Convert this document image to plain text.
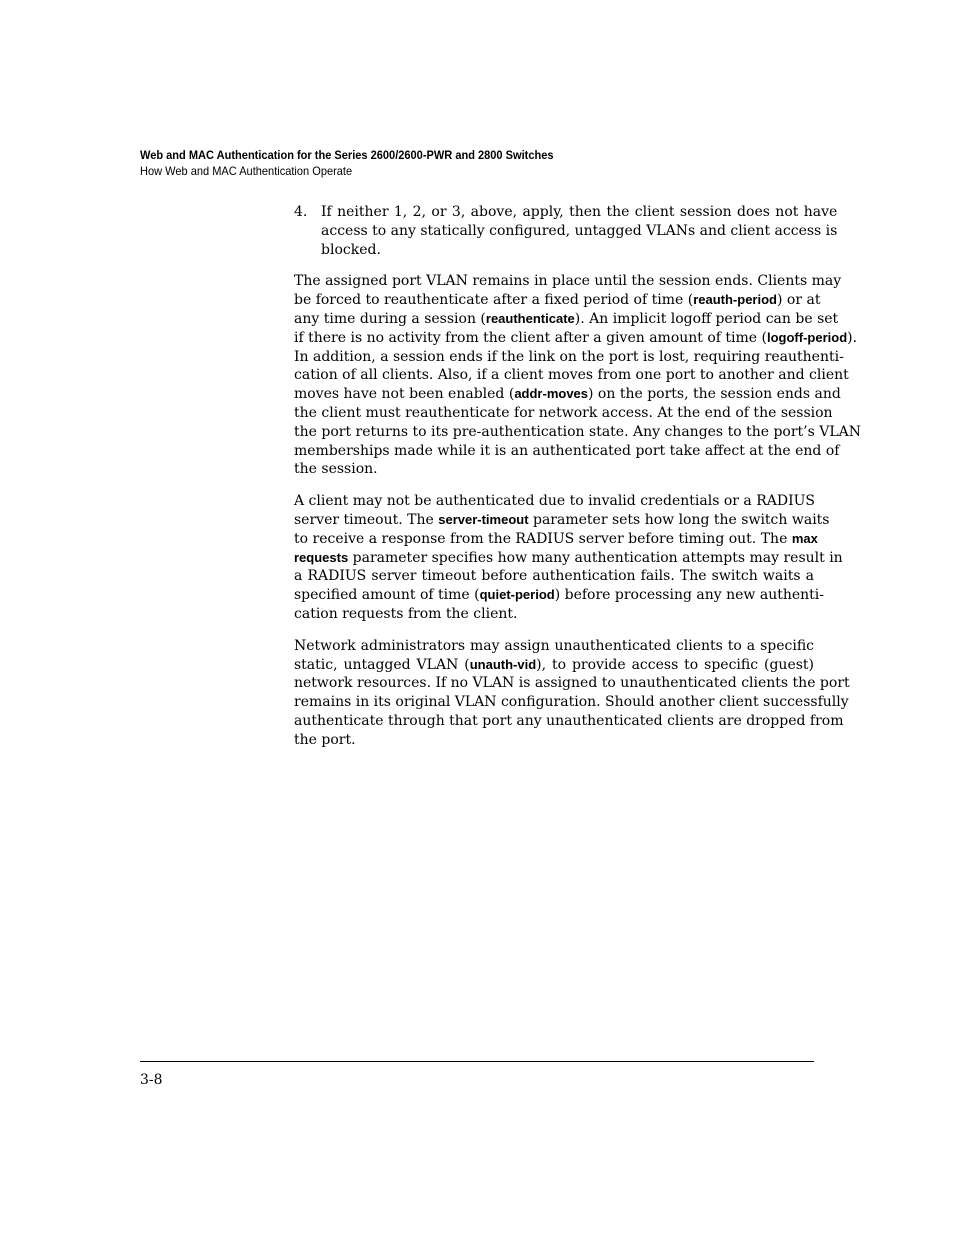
Web and MAC Authentication for the Series 2600/2600-PWR and 2800 Switches
How Web and MAC Authentication Operate
4. If neither 1, 2, or 3, above, apply, then the client session does not have
access to any statically configured, untagged VLANs and client access is
blocked.

The assigned port VLAN remains in place until the session ends. Clients may
be forced to reauthenticate after a fixed period of time (reauth-period) or at
any time during a session (reauthenticate). An implicit logoff period can be set
if there is no activity from the client after a given amount of time (logoff-period).
In addition, a session ends if the link on the port is lost, requiring reauthenti-
cation of all clients. Also, if a client moves from one port to another and client
moves have not been enabled (addr-moves) on the ports, the session ends and
the client must reauthenticate for network access. At the end of the session
the port returns to its pre-authentication state. Any changes to the port’s VLAN
memberships made while it is an authenticated port take affect at the end of
the session.

A client may not be authenticated due to invalid credentials or a RADIUS
server timeout. The server-timeout parameter sets how long the switch waits
to receive a response from the RADIUS server before timing out. The max
requests parameter specifies how many authentication attempts may result in
a RADIUS server timeout before authentication fails. The switch waits a
specified amount of time (quiet-period) before processing any new authenti-
cation requests from the client.

Network administrators may assign unauthenticated clients to a specific
static, untagged VLAN (unauth-vid), to provide access to specific (guest)
network resources. If no VLAN is assigned to unauthenticated clients the port
remains in its original VLAN configuration. Should another client successfully
authenticate through that port any unauthenticated clients are dropped from
the port.

3-8
